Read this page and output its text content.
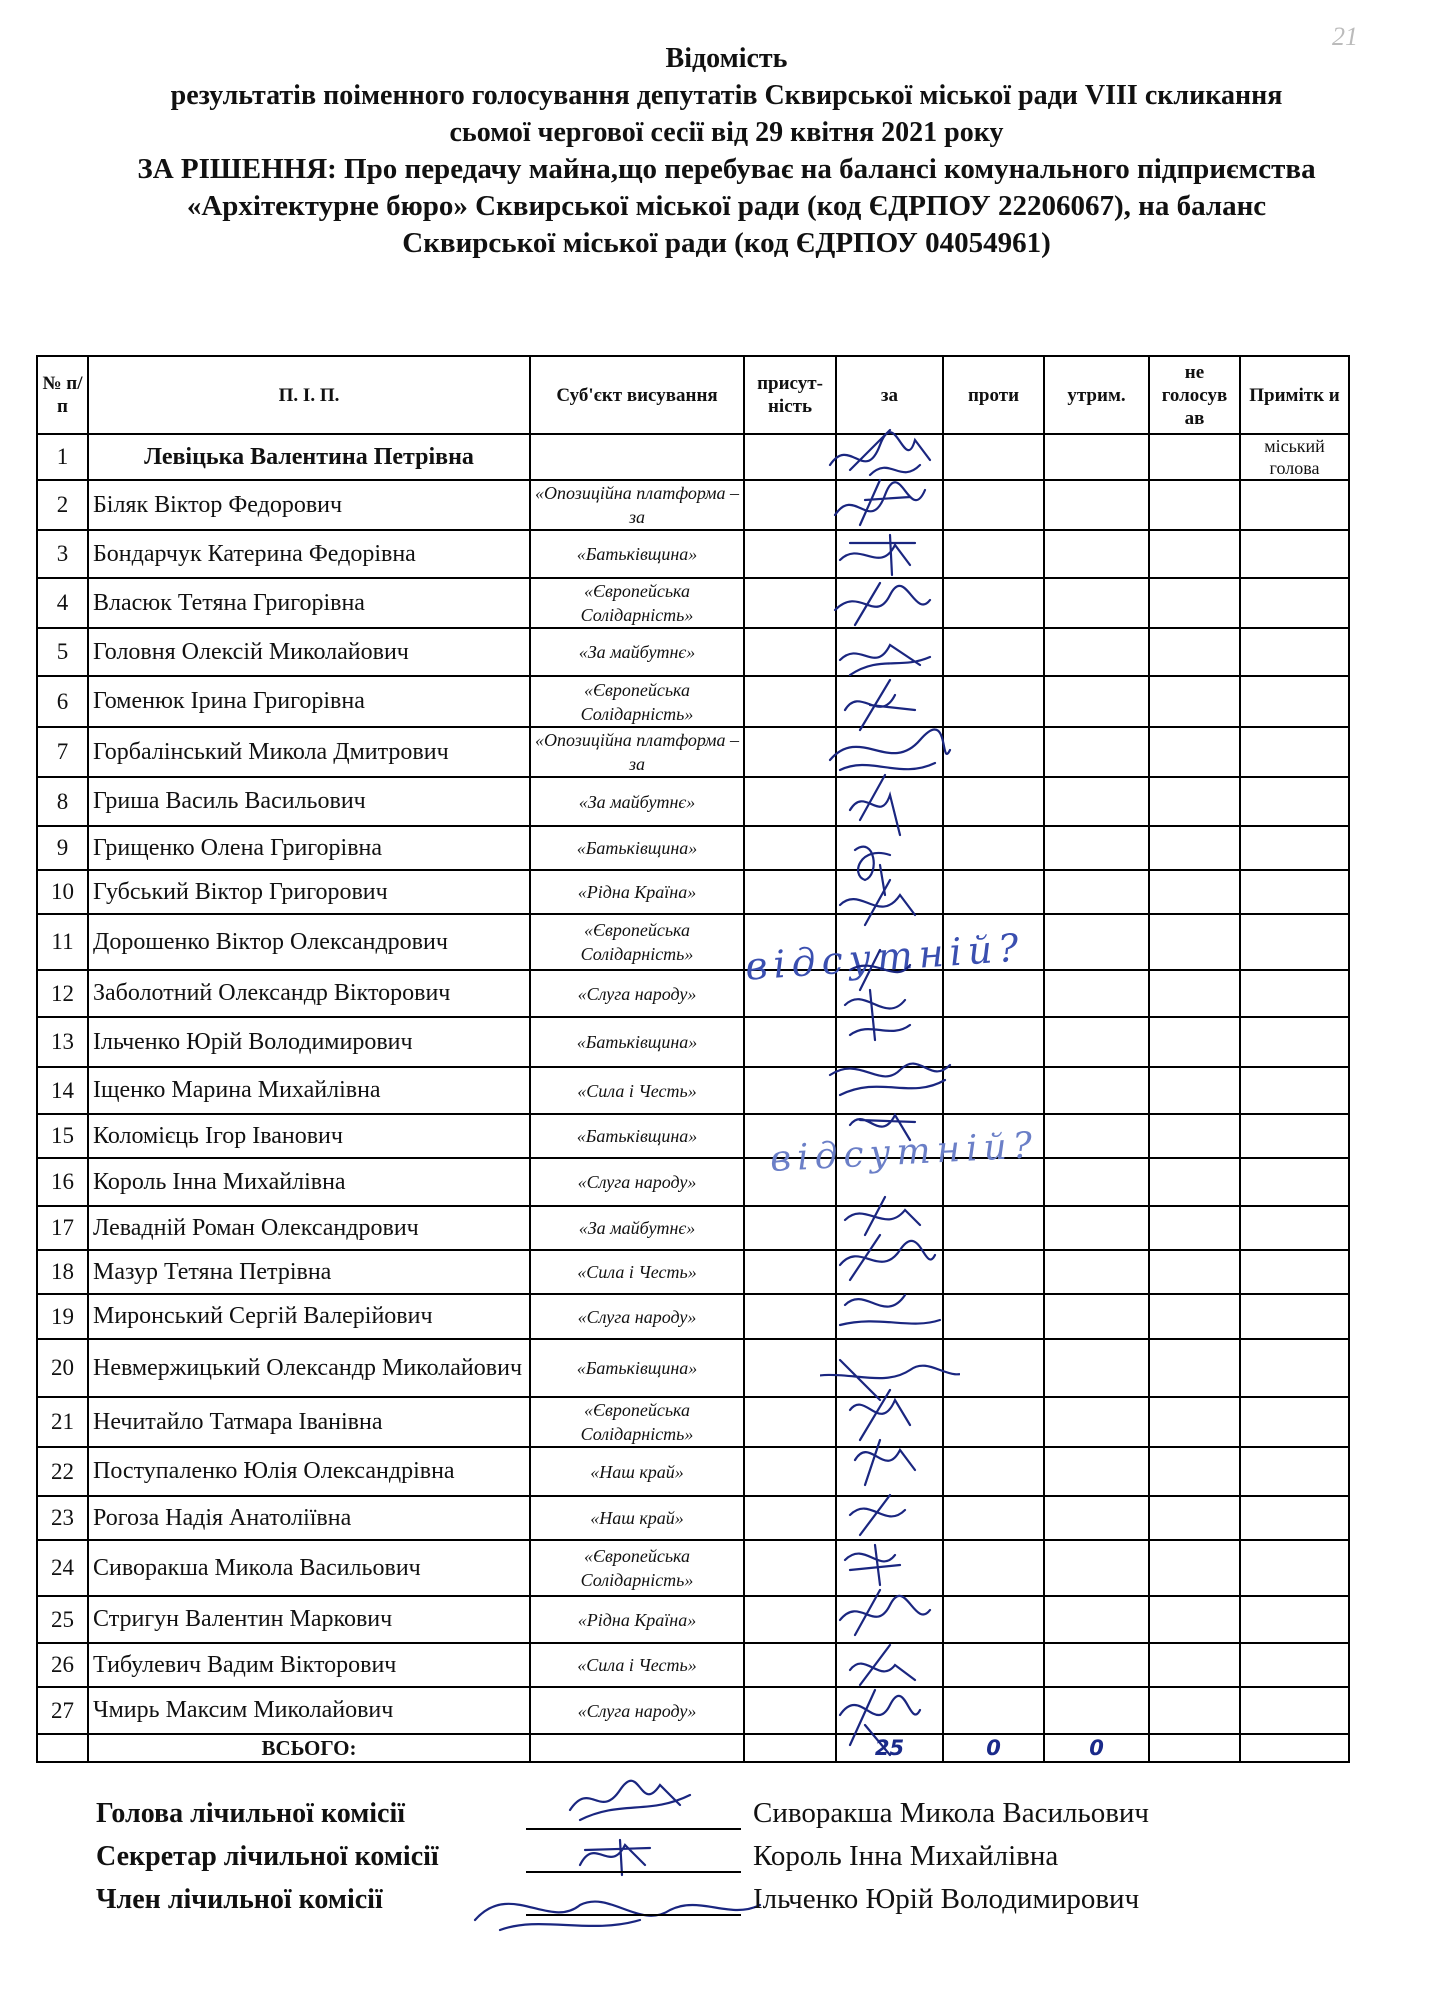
21
Відомість
результатів поіменного голосування депутатів Сквирської міської ради VIII скликання
сьомої чергової сесії від 29 квітня 2021 року
ЗА РІШЕННЯ: Про передачу майна,що перебуває на балансі комунального підприємства
«Архітектурне бюро» Сквирської міської ради (код ЄДРПОУ 22206067), на баланс
Сквирської міської ради (код ЄДРПОУ 04054961)
№ п/п	П. І. П.	Суб'єкт висування	присут-ність	за	проти	утрим.	не голосув ав	Примітк и
1	Левіцька Валентина Петрівна							міський голова
2	Біляк Віктор Федорович	«Опозиційна платформа – за						
3	Бондарчук Катерина Федорівна	«Батьківщина»						
4	Власюк Тетяна Григорівна	«Європейська Солідарність»						
5	Головня Олексій Миколайович	«За майбутнє»						
6	Гоменюк Ірина Григорівна	«Європейська Солідарність»						
7	Горбалінський Микола Дмитрович	«Опозиційна платформа – за						
8	Гриша Василь Васильович	«За майбутнє»						
9	Грищенко Олена Григорівна	«Батьківщина»						
10	Губський Віктор Григорович	«Рідна Країна»						
11	Дорошенко Віктор Олександрович	«Європейська Солідарність»						
12	Заболотний Олександр Вікторович	«Слуга народу»						
13	Ільченко Юрій Володимирович	«Батьківщина»						
14	Іщенко Марина Михайлівна	«Сила і Честь»						
15	Коломієць Ігор Іванович	«Батьківщина»						
16	Король Інна Михайлівна	«Слуга народу»						
17	Левадній Роман Олександрович	«За майбутнє»						
18	Мазур Тетяна Петрівна	«Сила і Честь»						
19	Миронський Сергій Валерійович	«Слуга народу»						
20	Невмержицький Олександр Миколайович	«Батьківщина»						
21	Нечитайло Татмара Іванівна	«Європейська Солідарність»						
22	Поступаленко Юлія Олександрівна	«Наш край»						
23	Рогоза Надія Анатоліївна	«Наш край»						
24	Сиворакша Микола Васильович	«Європейська Солідарність»						
25	Стригун Валентин Маркович	«Рідна Країна»						
26	Тибулевич Вадим Вікторович	«Сила і Честь»						
27	Чмирь Максим Миколайович	«Слуга народу»						
	ВСЬОГО:			25	0	0		
відсутній?
відсутній?
Голова лічильної комісії	Сиворакша Микола Васильович
Секретар лічильної комісії	Король Інна Михайлівна
Член лічильної комісії	Ільченко Юрій Володимирович
